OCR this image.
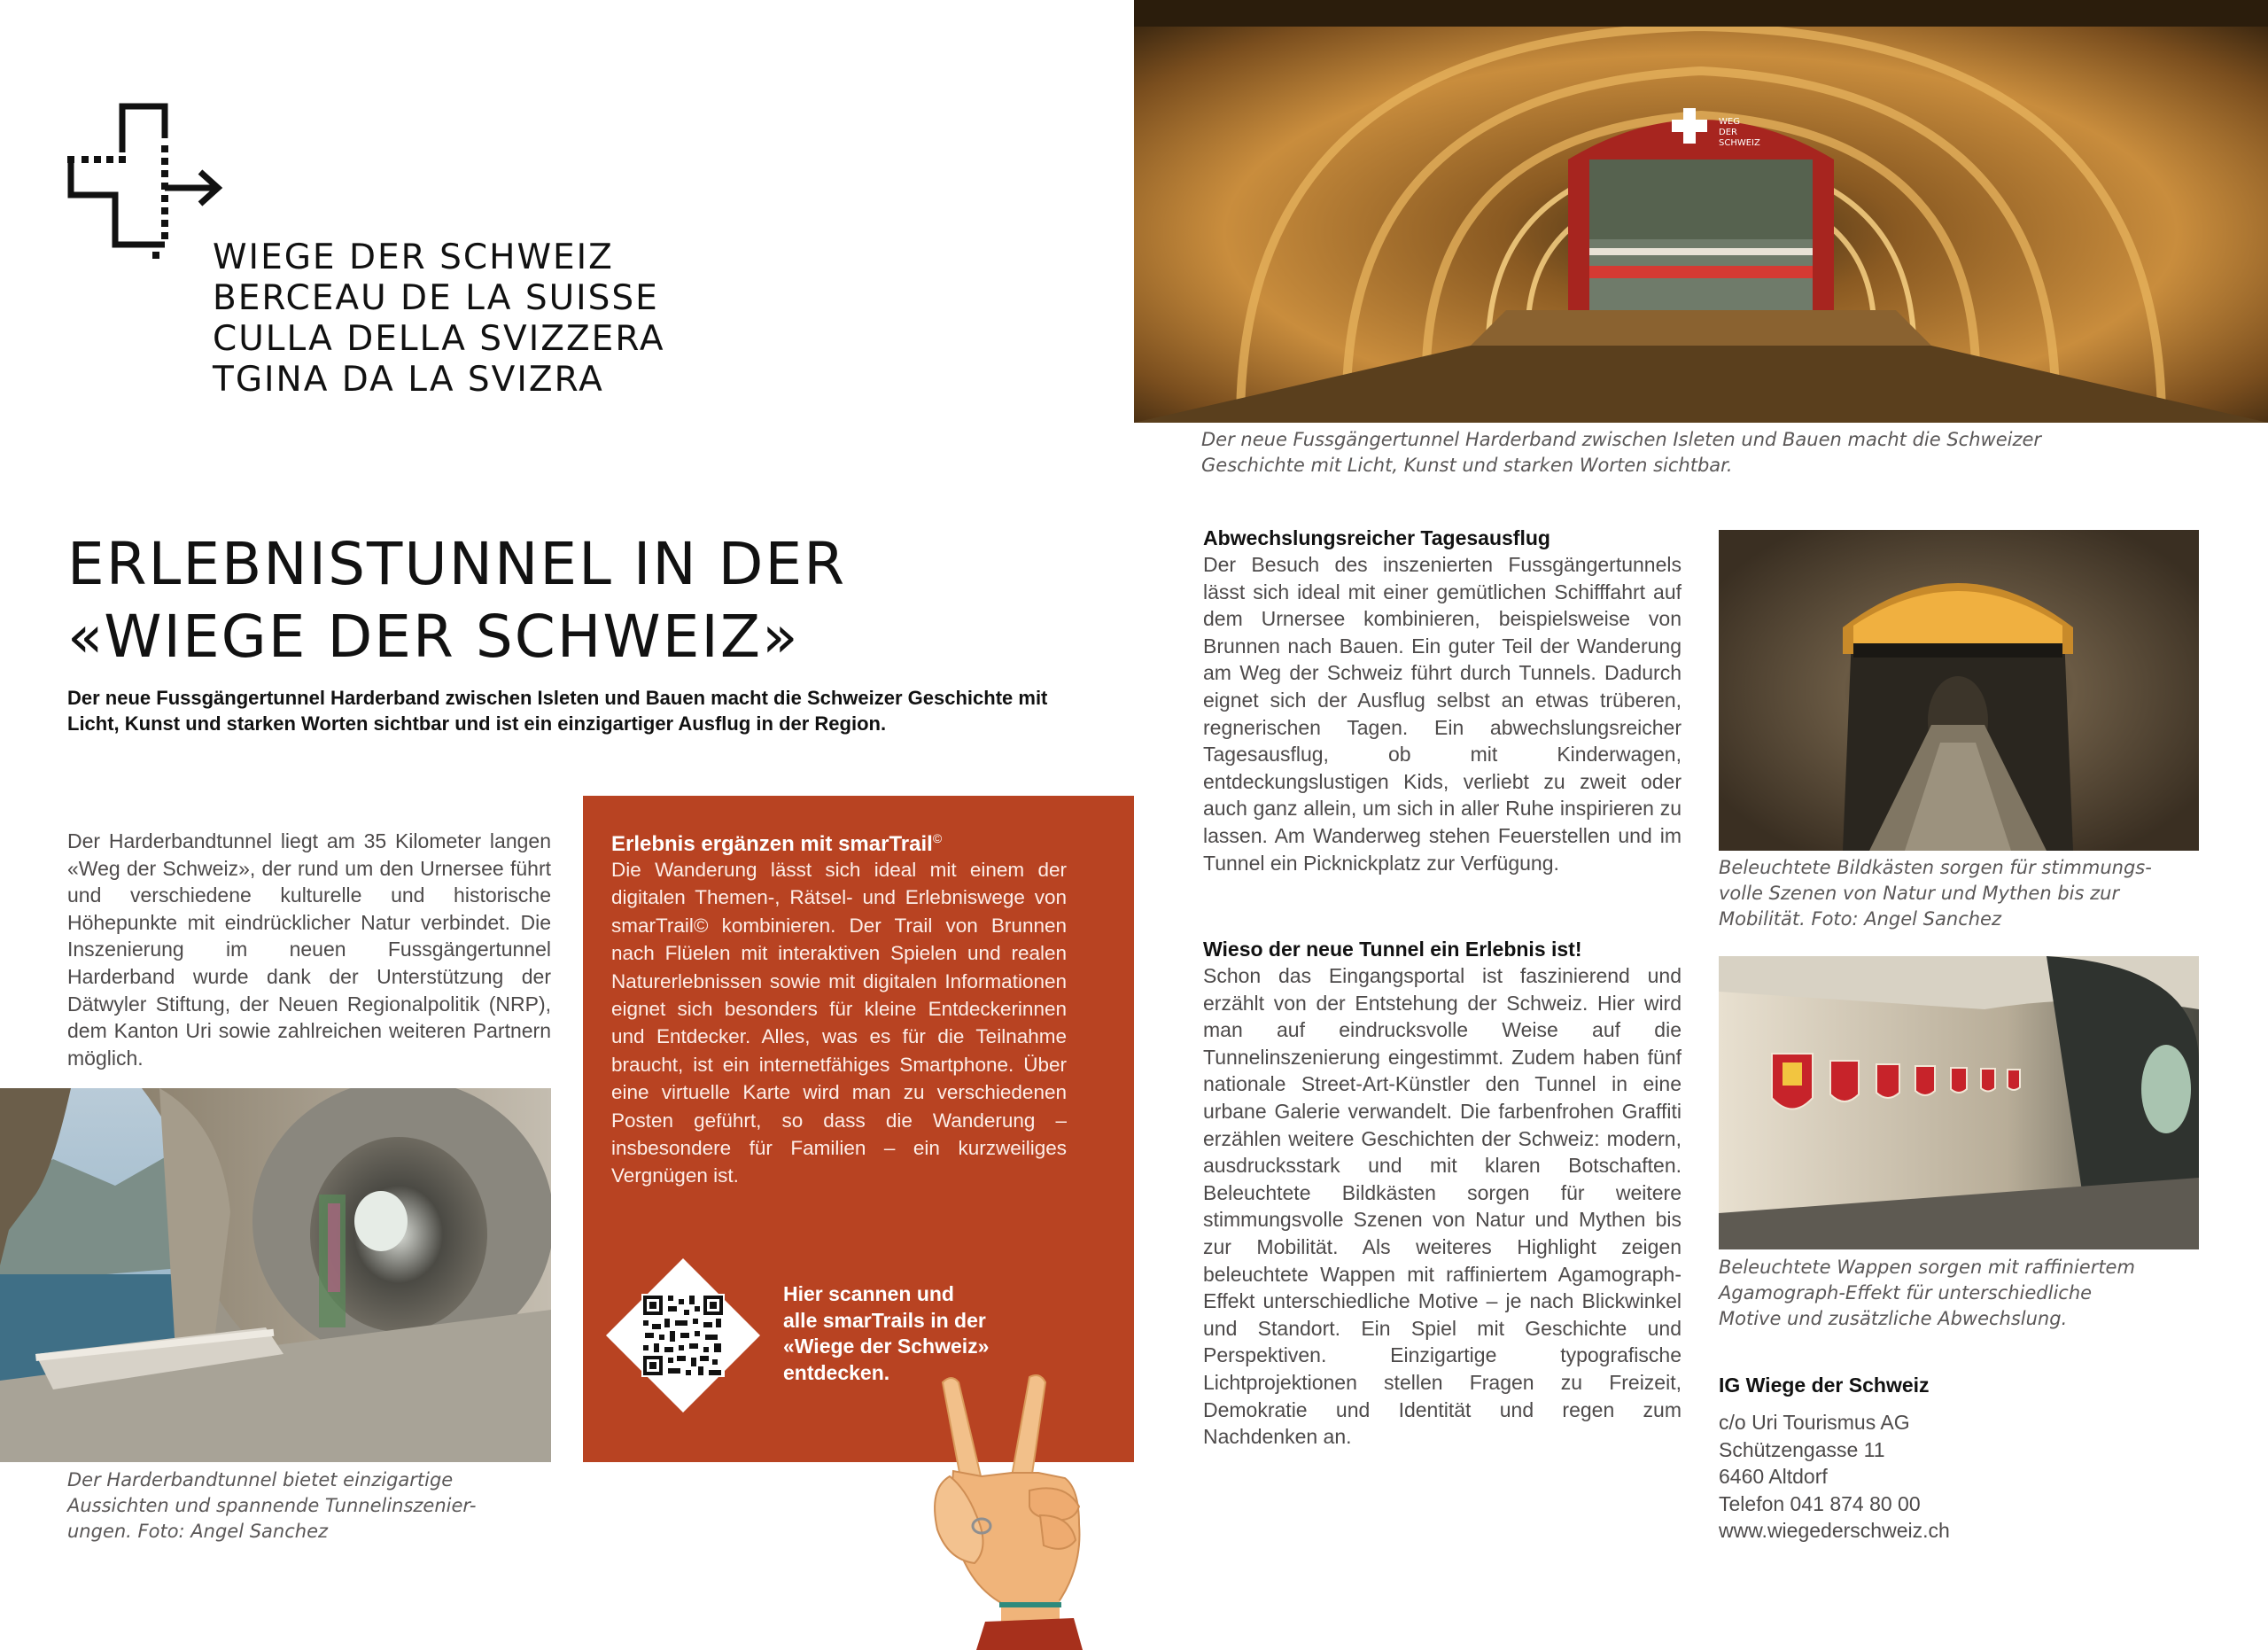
WIEGE DER SCHWEIZ
BERCEAU DE LA SUISSE
CULLA DELLA SVIZZERA
TGINA DA LA SVIZRA
ERLEBNISTUNNEL IN DER
«WIEGE DER SCHWEIZ»
Der neue Fussgängertunnel Harderband zwischen Isleten und Bauen macht die Schweizer Geschichte mit Licht, Kunst und starken Worten sichtbar und ist ein einzigartiger Ausflug in der Region.
Der Harderbandtunnel liegt am 35 Kilometer langen «Weg der Schweiz», der rund um den Urnersee führt und verschiedene kulturelle und historische Höhepunkte mit eindrücklicher Natur verbindet. Die Inszenierung im neuen Fussgängertunnel Harderband wurde dank der Unterstützung der Dätwyler Stiftung, der Neuen Regionalpolitik (NRP), dem Kanton Uri sowie zahlreichen weiteren Partnern möglich.
Der Harderbandtunnel bietet einzigartige
Aussichten und spannende Tunnelinszenier-
ungen. Foto: Angel Sanchez
Erlebnis ergänzen mit smarTrail©
Die Wanderung lässt sich ideal mit einem der digitalen Themen-, Rätsel- und Erlebniswege von smarTrail© kombinieren. Der Trail von Brunnen nach Flüelen mit interaktiven Spielen und realen Naturerlebnissen sowie mit digitalen Informationen eignet sich besonders für kleine Entdeckerinnen und Entdecker. Alles, was es für die Teilnahme braucht, ist ein internetfähiges Smartphone. Über eine virtuelle Karte wird man zu verschiedenen Posten geführt, so dass die Wanderung – insbesondere für Familien – ein kurzweiliges Vergnügen ist.
Hier scannen und
alle smarTrails in der
«Wiege der Schweiz»
entdecken.
WEG
DER
SCHWEIZ
Der neue Fussgängertunnel Harderband zwischen Isleten und Bauen macht die Schweizer
Geschichte mit Licht, Kunst und starken Worten sichtbar.
Abwechslungsreicher Tagesausflug
Der Besuch des inszenierten Fussgängertunnels lässt sich ideal mit einer gemütlichen Schifffahrt auf dem Urnersee kombinieren, beispielsweise von Brunnen nach Bauen. Ein guter Teil der Wanderung am Weg der Schweiz führt durch Tunnels. Dadurch eignet sich der Ausflug selbst an etwas trüberen, regnerischen Tagen. Ein abwechslungsreicher Tagesausflug, ob mit Kinderwagen, entdeckungslustigen Kids, verliebt zu zweit oder auch ganz allein, um sich in aller Ruhe inspirieren zu lassen. Am Wanderweg stehen Feuerstellen und im Tunnel ein Picknickplatz zur Verfügung.
Wieso der neue Tunnel ein Erlebnis ist!
Schon das Eingangsportal ist faszinierend und erzählt von der Entstehung der Schweiz. Hier wird man auf eindrucksvolle Weise auf die Tunnelinszenierung eingestimmt. Zudem haben fünf nationale Street-Art-Künstler den Tunnel in eine urbane Galerie verwandelt. Die farbenfrohen Graffiti erzählen weitere Geschichten der Schweiz: modern, ausdrucksstark und mit klaren Botschaften. Beleuchtete Bildkästen sorgen für weitere stimmungsvolle Szenen von Natur und Mythen bis zur Mobilität. Als weiteres Highlight zeigen beleuchtete Wappen mit raffiniertem Agamograph-Effekt unterschiedliche Motive – je nach Blickwinkel und Standort. Ein Spiel mit Geschichte und Perspektiven. Einzigartige typografische Lichtprojektionen stellen Fragen zu Freizeit, Demokratie und Identität und regen zum Nachdenken an.
Beleuchtete Bildkästen sorgen für stimmungs-
volle Szenen von Natur und Mythen bis zur
Mobilität. Foto: Angel Sanchez
Beleuchtete Wappen sorgen mit raffiniertem
Agamograph-Effekt für unterschiedliche
Motive und zusätzliche Abwechslung.
IG Wiege der Schweiz
c/o Uri Tourismus AG
Schützengasse 11
6460 Altdorf
Telefon 041 874 80 00
www.wiegederschweiz.ch
